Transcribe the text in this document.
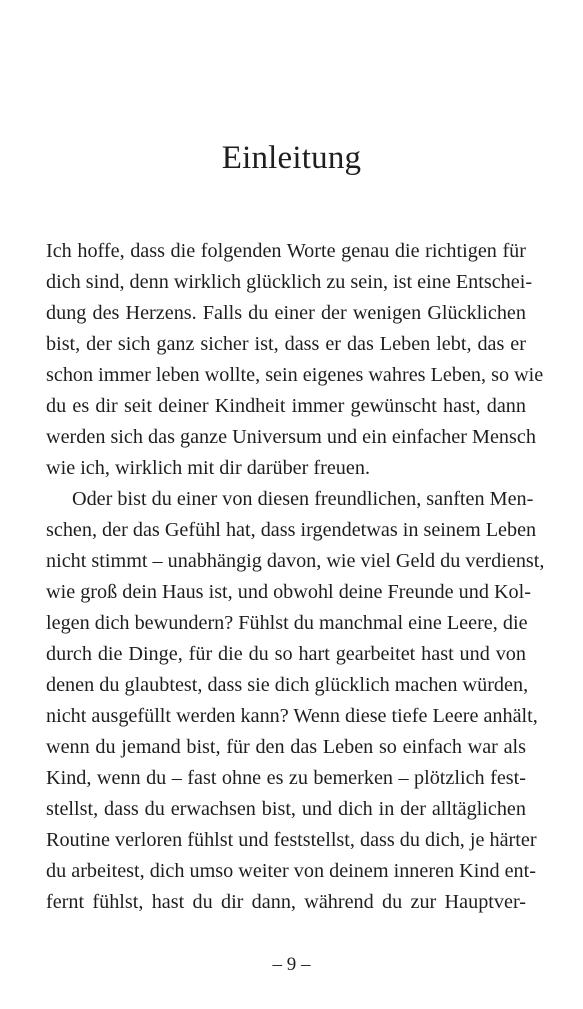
Einleitung
Ich hoffe, dass die folgenden Worte genau die richtigen für
dich sind, denn wirklich glücklich zu sein, ist eine Entschei-
dung des Herzens. Falls du einer der wenigen Glücklichen
bist, der sich ganz sicher ist, dass er das Leben lebt, das er
schon immer leben wollte, sein eigenes wahres Leben, so wie
du es dir seit deiner Kindheit immer gewünscht hast, dann
werden sich das ganze Universum und ein einfacher Mensch
wie ich, wirklich mit dir darüber freuen.
Oder bist du einer von diesen freundlichen, sanften Men-
schen, der das Gefühl hat, dass irgendetwas in seinem Leben
nicht stimmt – unabhängig davon, wie viel Geld du verdienst,
wie groß dein Haus ist, und obwohl deine Freunde und Kol-
legen dich bewundern? Fühlst du manchmal eine Leere, die
durch die Dinge, für die du so hart gearbeitet hast und von
denen du glaubtest, dass sie dich glücklich machen würden,
nicht ausgefüllt werden kann? Wenn diese tiefe Leere anhält,
wenn du jemand bist, für den das Leben so einfach war als
Kind, wenn du – fast ohne es zu bemerken – plötzlich fest-
stellst, dass du erwachsen bist, und dich in der alltäglichen
Routine verloren fühlst und feststellst, dass du dich, je härter
du arbeitest, dich umso weiter von deinem inneren Kind ent-
fernt fühlst, hast du dir dann, während du zur Hauptver-
– 9 –
